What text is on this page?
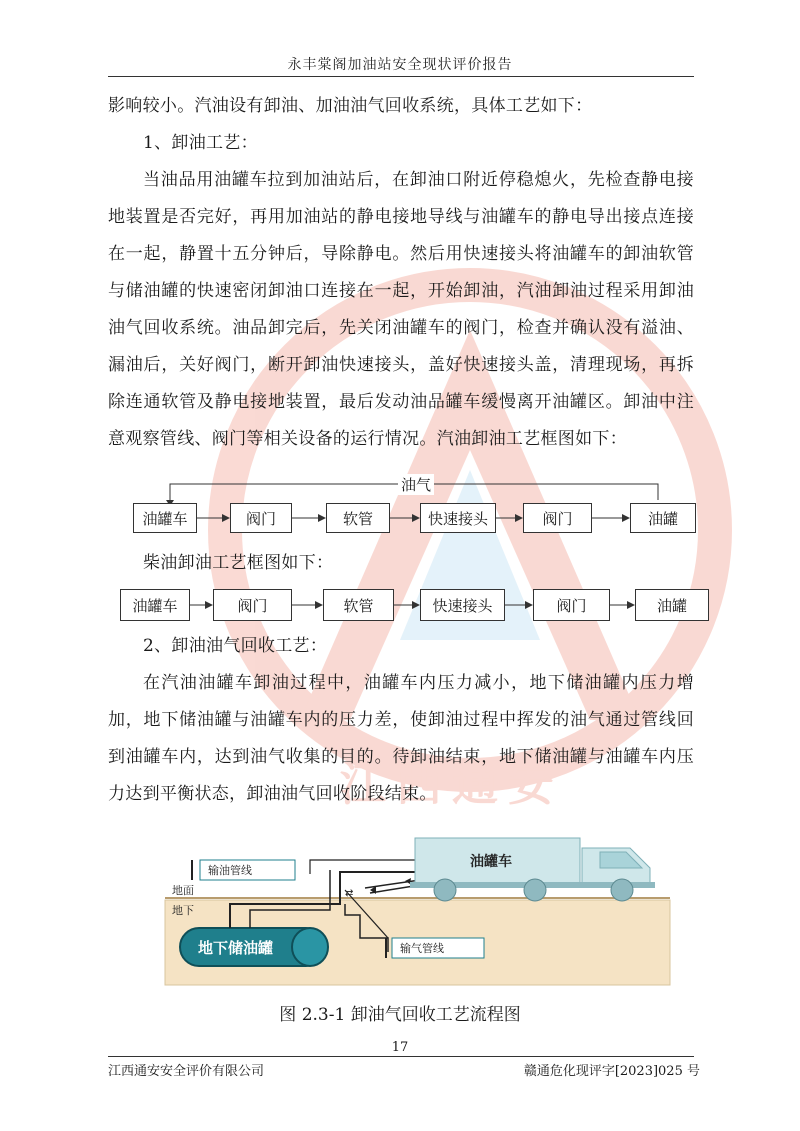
江西通安
永丰棠阁加油站安全现状评价报告

影响较小。汽油设有卸油、加油油气回收系统，具体工艺如下：

1、卸油工艺：

当油品用油罐车拉到加油站后，在卸油口附近停稳熄火，先检查静电接地装置是否完好，再用加油站的静电接地导线与油罐车的静电导出接点连接在一起，静置十五分钟后，导除静电。然后用快速接头将油罐车的卸油软管与储油罐的快速密闭卸油口连接在一起，开始卸油，汽油卸油过程采用卸油油气回收系统。油品卸完后，先关闭油罐车的阀门，检查并确认没有溢油、漏油后，关好阀门，断开卸油快速接头，盖好快速接头盖，清理现场，再拆除连通软管及静电接地装置，最后发动油品罐车缓慢离开油罐区。卸油中注意观察管线、阀门等相关设备的运行情况。汽油卸油工艺框图如下：

油气
油罐车	阀门	软管	快速接头	阀门	油罐

柴油卸油工艺框图如下：

油罐车	阀门	软管	快速接头	阀门	油罐

2、卸油油气回收工艺：

在汽油油罐车卸油过程中，油罐车内压力减小，地下储油罐内压力增加，地下储油罐与油罐车内的压力差，使卸油过程中挥发的油气通过管线回到油罐车内，达到油气收集的目的。待卸油结束，地下储油罐与油罐车内压力达到平衡状态，卸油油气回收阶段结束。

地面
地下
地下储油罐
⇄
输油管线
输气管线
油罐车
图 2.3-1 卸油气回收工艺流程图
17
江西通安安全评价有限公司	赣通危化现评字[2023]025 号
